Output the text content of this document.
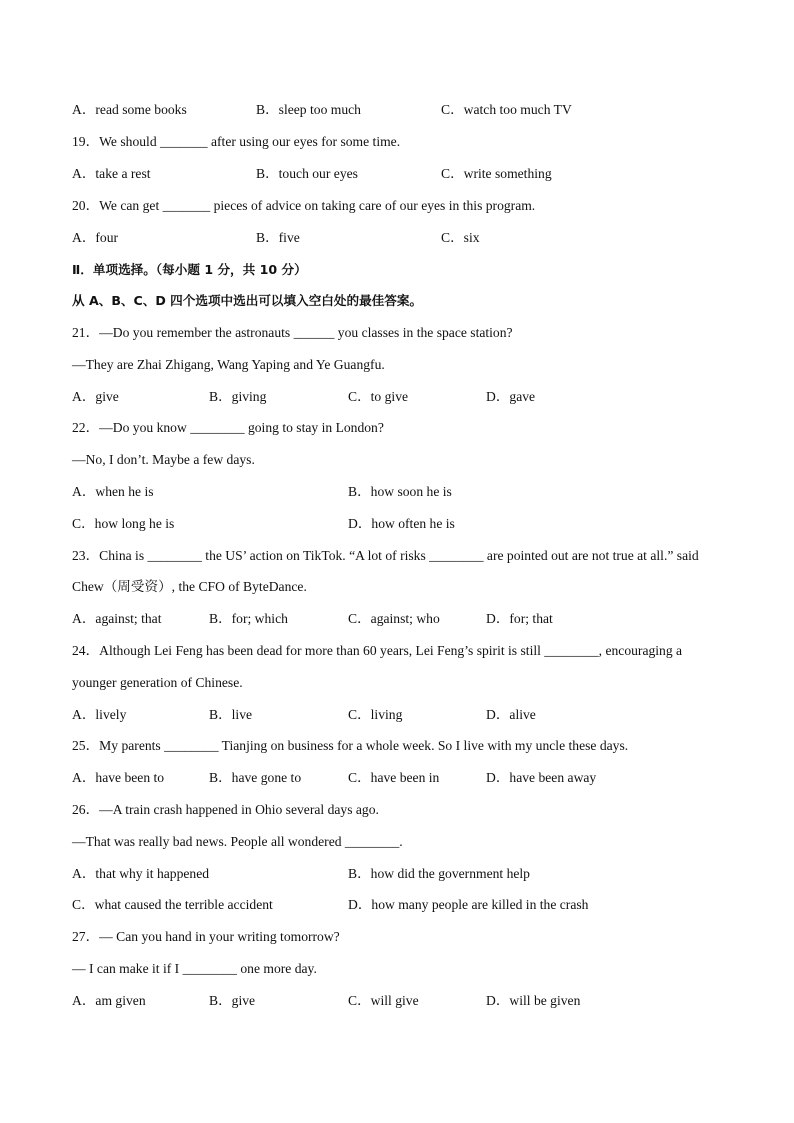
A．read some books	B．sleep too much	C．watch too much TV
19．We should _______ after using our eyes for some time.
A．take a rest	B．touch our eyes	C．write something
20．We can get _______ pieces of advice on taking care of our eyes in this program.
A．four	B．five	C．six
Ⅱ．单项选择。（每小题 1 分，共 10 分）
从 A、B、C、D 四个选项中选出可以填入空白处的最佳答案。
21．—Do you remember the astronauts ______ you classes in the space station?
—They are Zhai Zhigang, Wang Yaping and Ye Guangfu.
A．give	B．giving	C．to give	D．gave
22．—Do you know ________ going to stay in London?
—No, I don’t. Maybe a few days.
A．when he is	B．how soon he is
C．how long he is	D．how often he is
23．China is ________ the US’ action on TikTok. “A lot of risks ________ are pointed out are not true at all.” said
Chew（周受资）, the CFO of ByteDance.
A．against; that	B．for; which	C．against; who	D．for; that
24．Although Lei Feng has been dead for more than 60 years, Lei Feng’s spirit is still ________, encouraging a
younger generation of Chinese.
A．lively	B．live	C．living	D．alive
25．My parents ________ Tianjing on business for a whole week. So I live with my uncle these days.
A．have been to	B．have gone to	C．have been in	D．have been away
26．—A train crash happened in Ohio several days ago.
—That was really bad news. People all wondered ________.
A．that why it happened	B．how did the government help
C．what caused the terrible accident	D．how many people are killed in the crash
27．— Can you hand in your writing tomorrow?
— I can make it if I ________ one more day.
A．am given	B．give	C．will give	D．will be given
